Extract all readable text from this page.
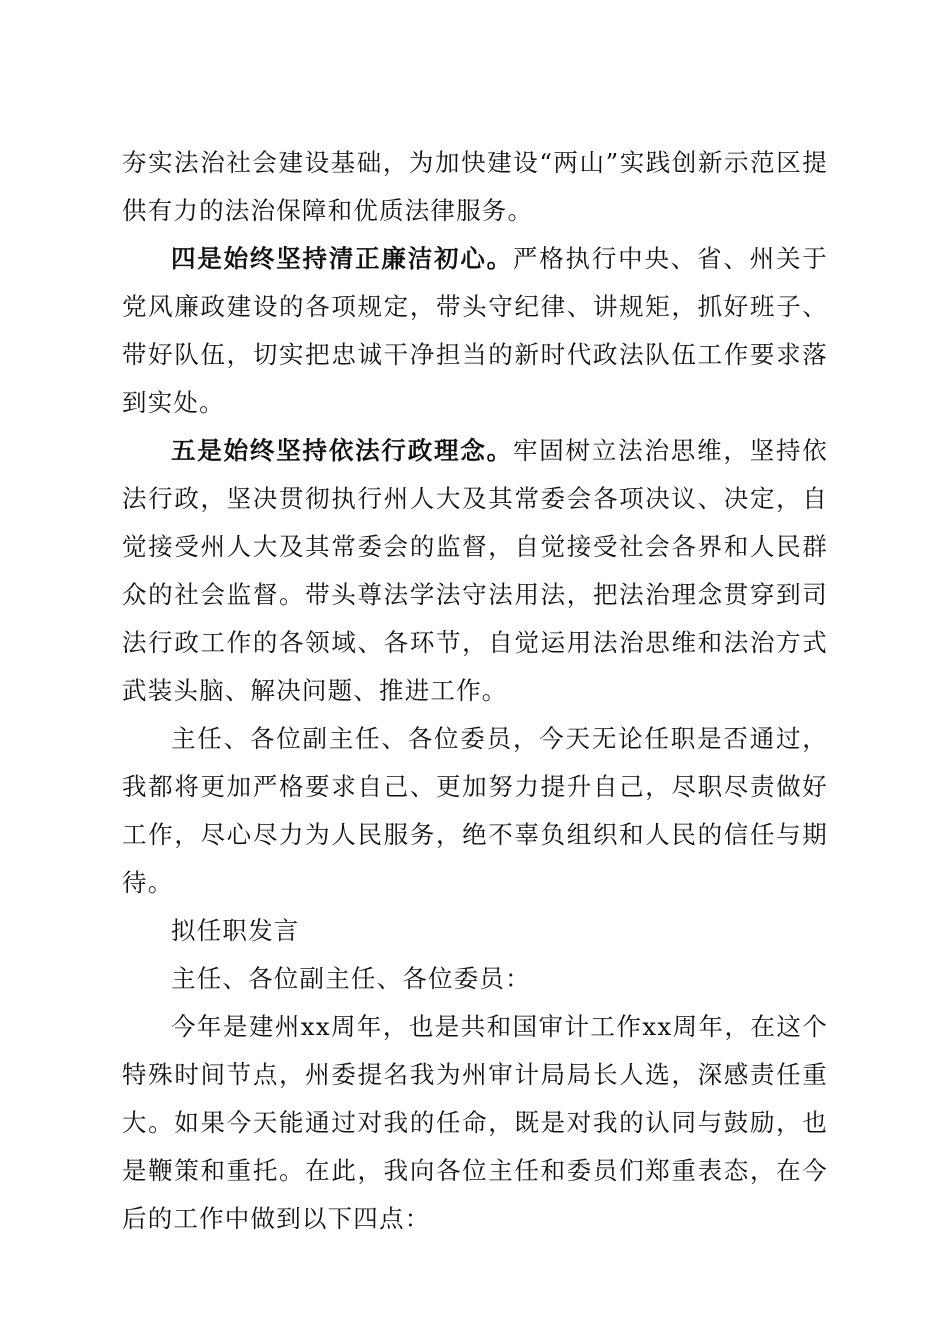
夯实法治社会建设基础，为加快建设“两山”实践创新示范区提供有力的法治保障和优质法律服务。

四是始终坚持清正廉洁初心。严格执行中央、省、州关于党风廉政建设的各项规定，带头守纪律、讲规矩，抓好班子、带好队伍，切实把忠诚干净担当的新时代政法队伍工作要求落到实处。

五是始终坚持依法行政理念。牢固树立法治思维，坚持依法行政，坚决贯彻执行州人大及其常委会各项决议、决定，自觉接受州人大及其常委会的监督，自觉接受社会各界和人民群众的社会监督。带头尊法学法守法用法，把法治理念贯穿到司法行政工作的各领域、各环节，自觉运用法治思维和法治方式武装头脑、解决问题、推进工作。

主任、各位副主任、各位委员，今天无论任职是否通过，我都将更加严格要求自己、更加努力提升自己，尽职尽责做好工作，尽心尽力为人民服务，绝不辜负组织和人民的信任与期待。

拟任职发言

主任、各位副主任、各位委员：

今年是建州xx周年，也是共和国审计工作xx周年，在这个特殊时间节点，州委提名我为州审计局局长人选，深感责任重大。如果今天能通过对我的任命，既是对我的认同与鼓励，也是鞭策和重托。在此，我向各位主任和委员们郑重表态，在今后的工作中做到以下四点：
